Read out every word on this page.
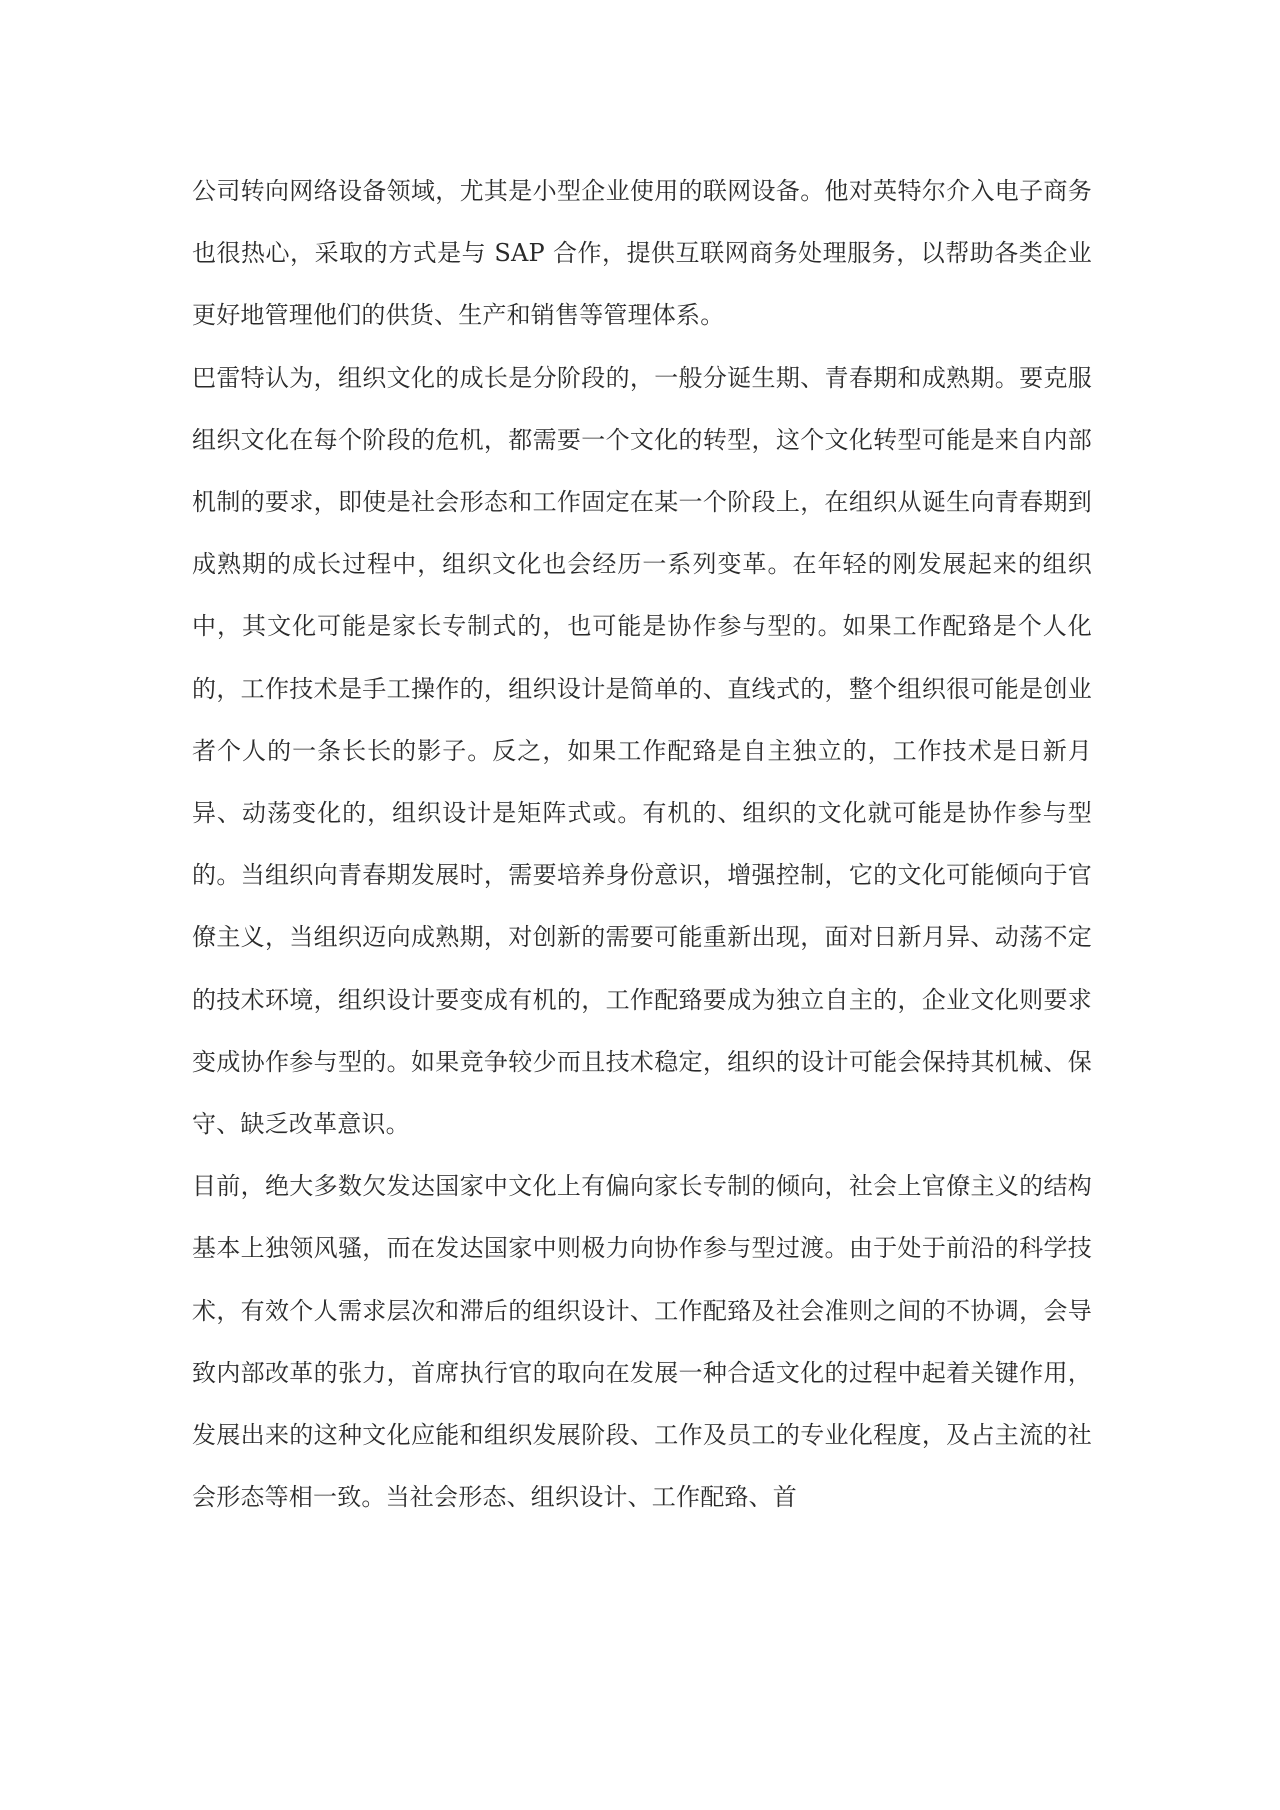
公司转向网络设备领域，尤其是小型企业使用的联网设备。他对英特尔介入电子商务也很热心，采取的方式是与 SAP 合作，提供互联网商务处理服务，以帮助各类企业更好地管理他们的供货、生产和销售等管理体系。

巴雷特认为，组织文化的成长是分阶段的，一般分诞生期、青春期和成熟期。要克服组织文化在每个阶段的危机，都需要一个文化的转型，这个文化转型可能是来自内部机制的要求，即使是社会形态和工作固定在某一个阶段上，在组织从诞生向青春期到成熟期的成长过程中，组织文化也会经历一系列变革。在年轻的刚发展起来的组织中，其文化可能是家长专制式的，也可能是协作参与型的。如果工作配臵是个人化的，工作技术是手工操作的，组织设计是简单的、直线式的，整个组织很可能是创业者个人的一条长长的影子。反之，如果工作配臵是自主独立的，工作技术是日新月异、动荡变化的，组织设计是矩阵式或。有机的、组织的文化就可能是协作参与型的。当组织向青春期发展时，需要培养身份意识，增强控制，它的文化可能倾向于官僚主义，当组织迈向成熟期，对创新的需要可能重新出现，面对日新月异、动荡不定的技术环境，组织设计要变成有机的，工作配臵要成为独立自主的，企业文化则要求变成协作参与型的。如果竞争较少而且技术稳定，组织的设计可能会保持其机械、保守、缺乏改革意识。

目前，绝大多数欠发达国家中文化上有偏向家长专制的倾向，社会上官僚主义的结构基本上独领风骚，而在发达国家中则极力向协作参与型过渡。由于处于前沿的科学技术，有效个人需求层次和滞后的组织设计、工作配臵及社会准则之间的不协调，会导致内部改革的张力，首席执行官的取向在发展一种合适文化的过程中起着关键作用，发展出来的这种文化应能和组织发展阶段、工作及员工的专业化程度，及占主流的社会形态等相一致。当社会形态、组织设计、工作配臵、首
